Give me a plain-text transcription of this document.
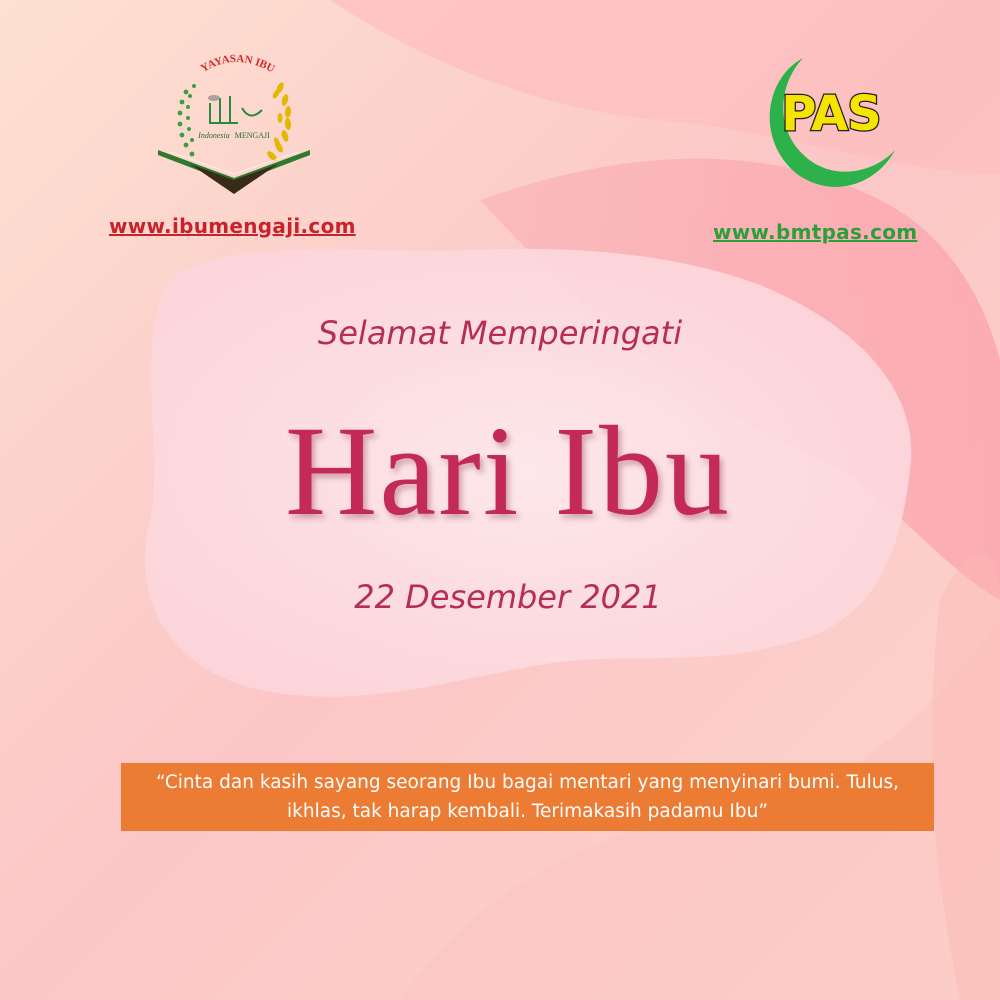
YAYASAN IBU
Indonesia MENGAJI
www.ibumengaji.com
PAS
www.bmtpas.com
Selamat Memperingati
Hari Ibu
22 Desember 2021
“Cinta dan kasih sayang seorang Ibu bagai mentari yang menyinari bumi. Tulus,
ikhlas, tak harap kembali. Terimakasih padamu Ibu”
